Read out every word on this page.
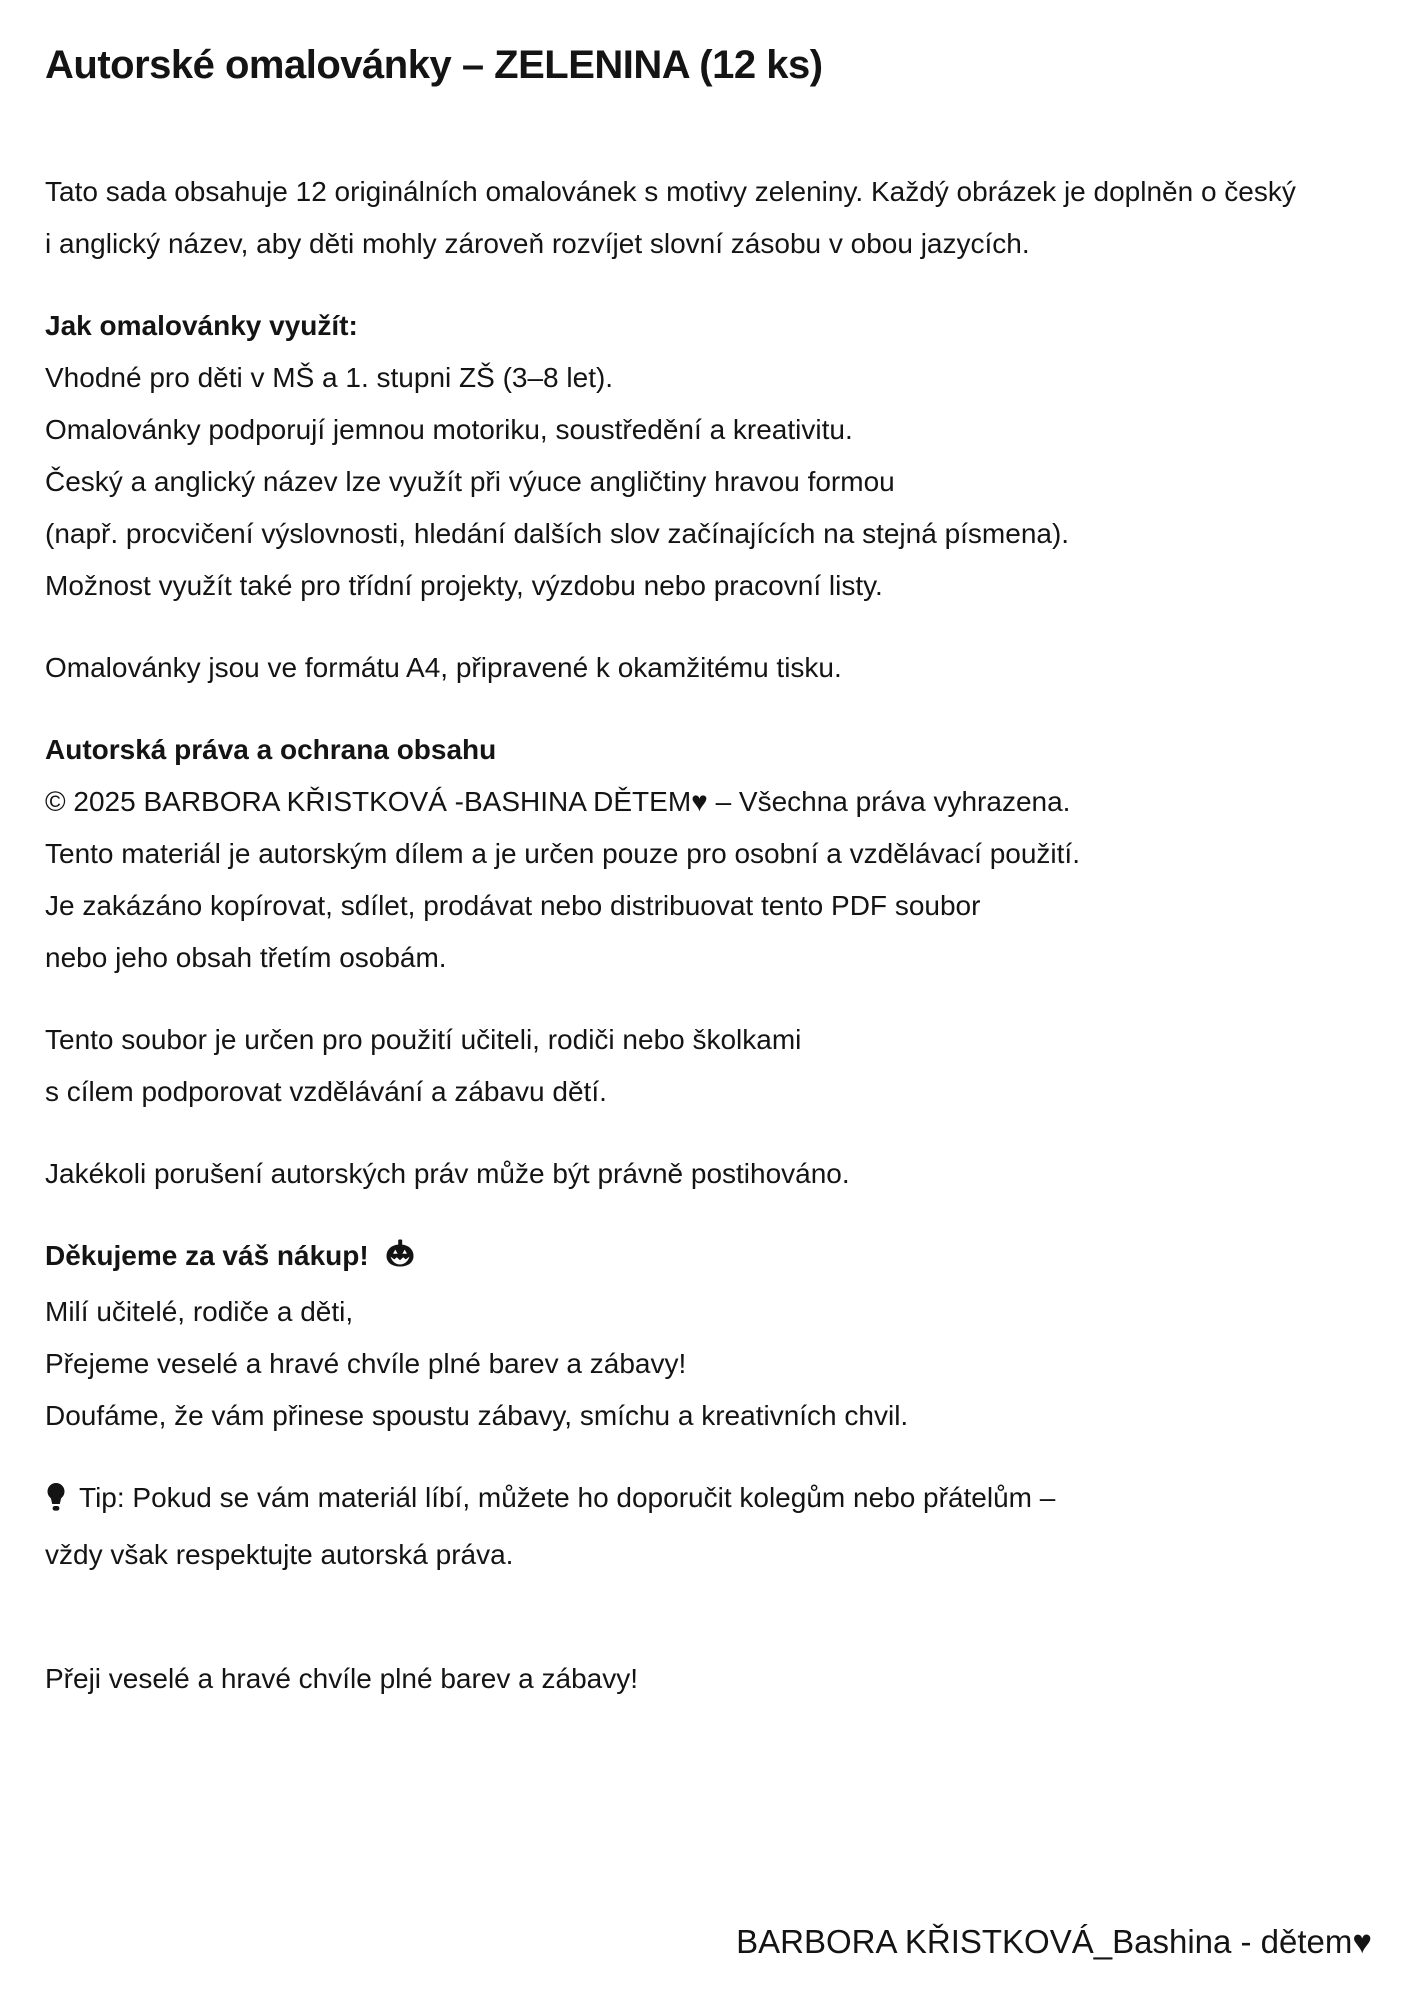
Autorské omalovánky – ZELENINA (12 ks)
Tato sada obsahuje 12 originálních omalovánek s motivy zeleniny. Každý obrázek je doplněn o český
i anglický název, aby děti mohly zároveň rozvíjet slovní zásobu v obou jazycích.
Jak omalovánky využít:
Vhodné pro děti v MŠ a 1. stupni ZŠ (3–8 let).
Omalovánky podporují jemnou motoriku, soustředění a kreativitu.
Český a anglický název lze využít při výuce angličtiny hravou formou
(např. procvičení výslovnosti, hledání dalších slov začínajících na stejná písmena).
Možnost využít také pro třídní projekty, výzdobu nebo pracovní listy.
Omalovánky jsou ve formátu A4, připravené k okamžitému tisku.
Autorská práva a ochrana obsahu
© 2025 BARBORA KŘISTKOVÁ -BASHINA DĚTEM♥ – Všechna práva vyhrazena.
Tento materiál je autorským dílem a je určen pouze pro osobní a vzdělávací použití.
Je zakázáno kopírovat, sdílet, prodávat nebo distribuovat tento PDF soubor
nebo jeho obsah třetím osobám.
Tento soubor je určen pro použití učiteli, rodiči nebo školkami
s cílem podporovat vzdělávání a zábavu dětí.
Jakékoli porušení autorských práv může být právně postihováno.
Děkujeme za váš nákup!
Milí učitelé, rodiče a děti,
Přejeme veselé a hravé chvíle plné barev a zábavy!
Doufáme, že vám přinese spoustu zábavy, smíchu a kreativních chvil.
Tip: Pokud se vám materiál líbí, můžete ho doporučit kolegům nebo přátelům –
vždy však respektujte autorská práva.
Přeji veselé a hravé chvíle plné barev a zábavy!
BARBORA KŘISTKOVÁ_Bashina - dětem♥
